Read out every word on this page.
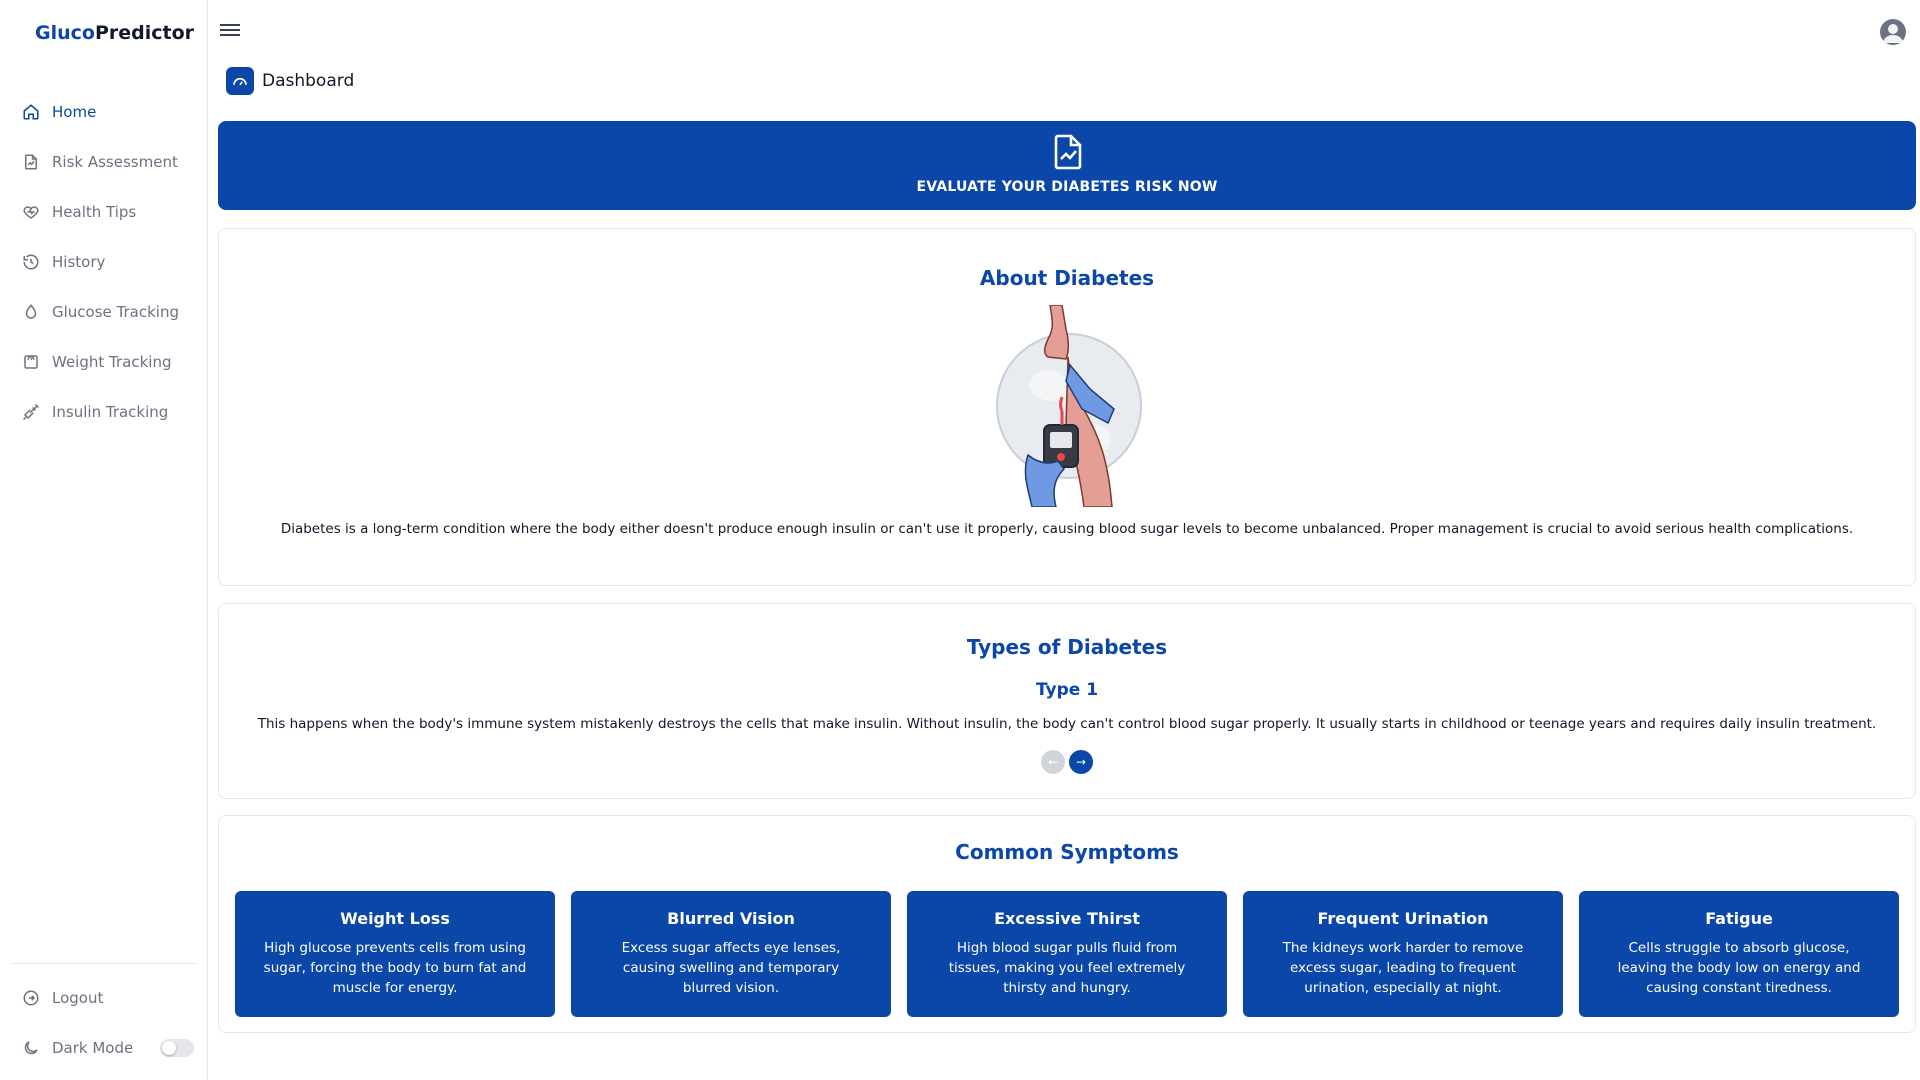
GlucoPredictor
Home
Risk Assessment
Health Tips
History
Glucose Tracking
Weight Tracking
Insulin Tracking
Logout
Dark Mode
Dashboard
EVALUATE YOUR DIABETES RISK NOW
About Diabetes

Diabetes is a long-term condition where the body either doesn't produce enough insulin or can't use it properly, causing blood sugar levels to become unbalanced. Proper management is crucial to avoid serious health complications.

Types of Diabetes
Type 1

This happens when the body's immune system mistakenly destroys the cells that make insulin. Without insulin, the body can't control blood sugar properly. It usually starts in childhood or teenage years and requires daily insulin treatment.

←	→
Common Symptoms
Weight Loss

High glucose prevents cells from using sugar, forcing the body to burn fat and muscle for energy.

Blurred Vision

Excess sugar affects eye lenses, causing swelling and temporary blurred vision.

Excessive Thirst

High blood sugar pulls fluid from tissues, making you feel extremely thirsty and hungry.

Frequent Urination

The kidneys work harder to remove excess sugar, leading to frequent urination, especially at night.

Fatigue

Cells struggle to absorb glucose, leaving the body low on energy and causing constant tiredness.
